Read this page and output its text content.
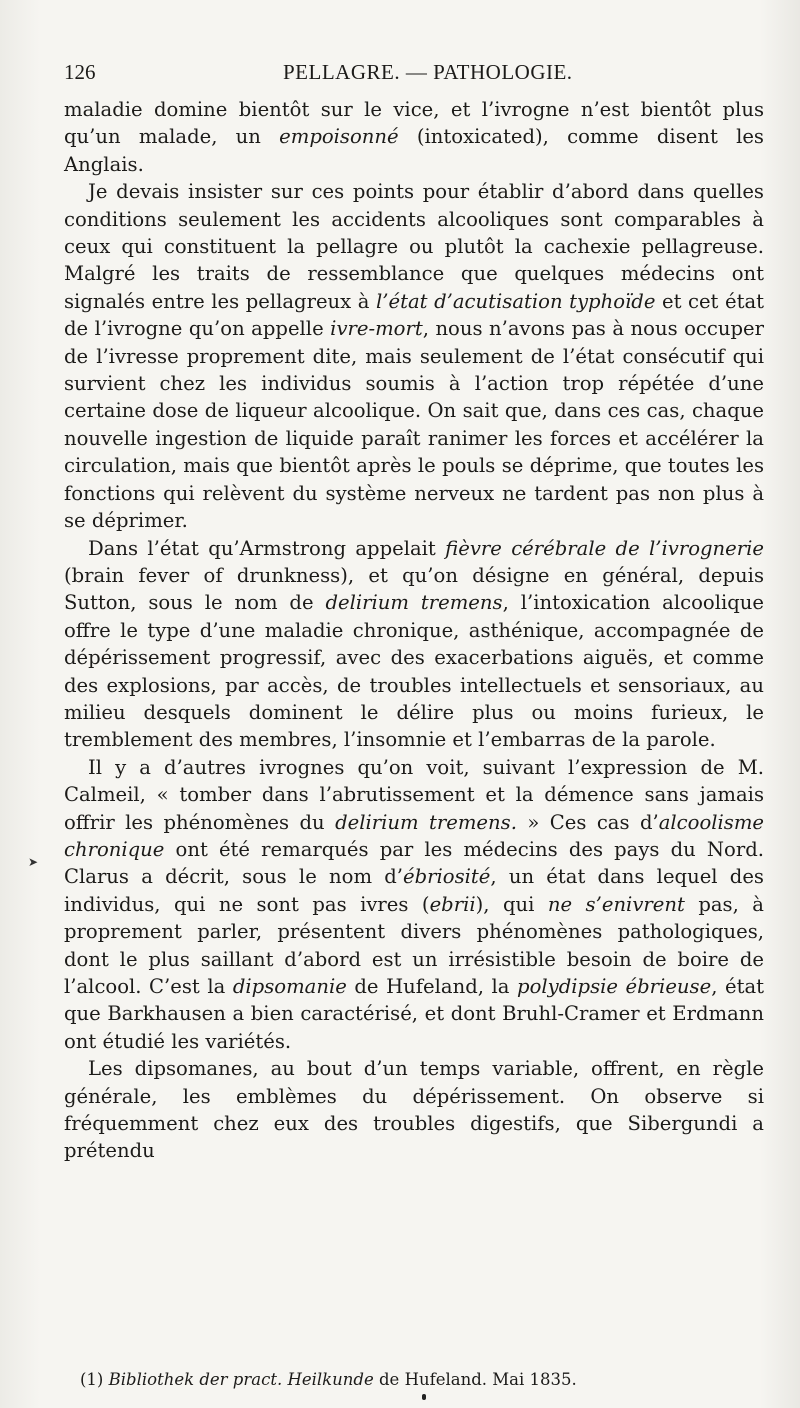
126	PELLAGRE. — PATHOLOGIE.

maladie domine bientôt sur le vice, et l’ivrogne n’est bientôt plus qu’un malade, un empoisonné (intoxicated), comme disent les Anglais.

Je devais insister sur ces points pour établir d’abord dans quelles conditions seulement les accidents alcooliques sont comparables à ceux qui constituent la pellagre ou plutôt la cachexie pellagreuse. Malgré les traits de ressemblance que quelques médecins ont signalés entre les pellagreux à l’état d’acutisation typhoïde et cet état de l’ivrogne qu’on appelle ivre-mort, nous n’avons pas à nous occuper de l’ivresse proprement dite, mais seulement de l’état consécutif qui survient chez les individus soumis à l’action trop répétée d’une certaine dose de liqueur alcoolique. On sait que, dans ces cas, chaque nouvelle ingestion de liquide paraît ranimer les forces et accélérer la circulation, mais que bientôt après le pouls se déprime, que toutes les fonctions qui relèvent du système nerveux ne tardent pas non plus à se déprimer.

Dans l’état qu’Armstrong appelait fièvre cérébrale de l’ivrognerie (brain fever of drunkness), et qu’on désigne en général, depuis Sutton, sous le nom de delirium tremens, l’intoxication alcoolique offre le type d’une maladie chronique, asthénique, accompagnée de dépérissement progressif, avec des exacerbations aiguës, et comme des explosions, par accès, de troubles intellectuels et sensoriaux, au milieu desquels dominent le délire plus ou moins furieux, le tremblement des membres, l’insomnie et l’embarras de la parole.

Il y a d’autres ivrognes qu’on voit, suivant l’expression de M. Calmeil, « tomber dans l’abrutissement et la démence sans jamais offrir les phénomènes du delirium tremens. » Ces cas d’alcoolisme chronique ont été remarqués par les médecins des pays du Nord. Clarus a décrit, sous le nom d’ébriosité, un état dans lequel des individus, qui ne sont pas ivres (ebrii), qui ne s’enivrent pas, à proprement parler, présentent divers phénomènes pathologiques, dont le plus saillant d’abord est un irrésistible besoin de boire de l’alcool. C’est la dipsomanie de Hufeland, la polydipsie ébrieuse, état que Barkhausen a bien caractérisé, et dont Bruhl-Cramer et Erdmann ont étudié les variétés.

Les dipsomanes, au bout d’un temps variable, offrent, en règle générale, les emblèmes du dépérissement. On observe si fréquemment chez eux des troubles digestifs, que Sibergundi a prétendu

➤
(1) Bibliothek der pract. Heilkunde de Hufeland. Mai 1835.
